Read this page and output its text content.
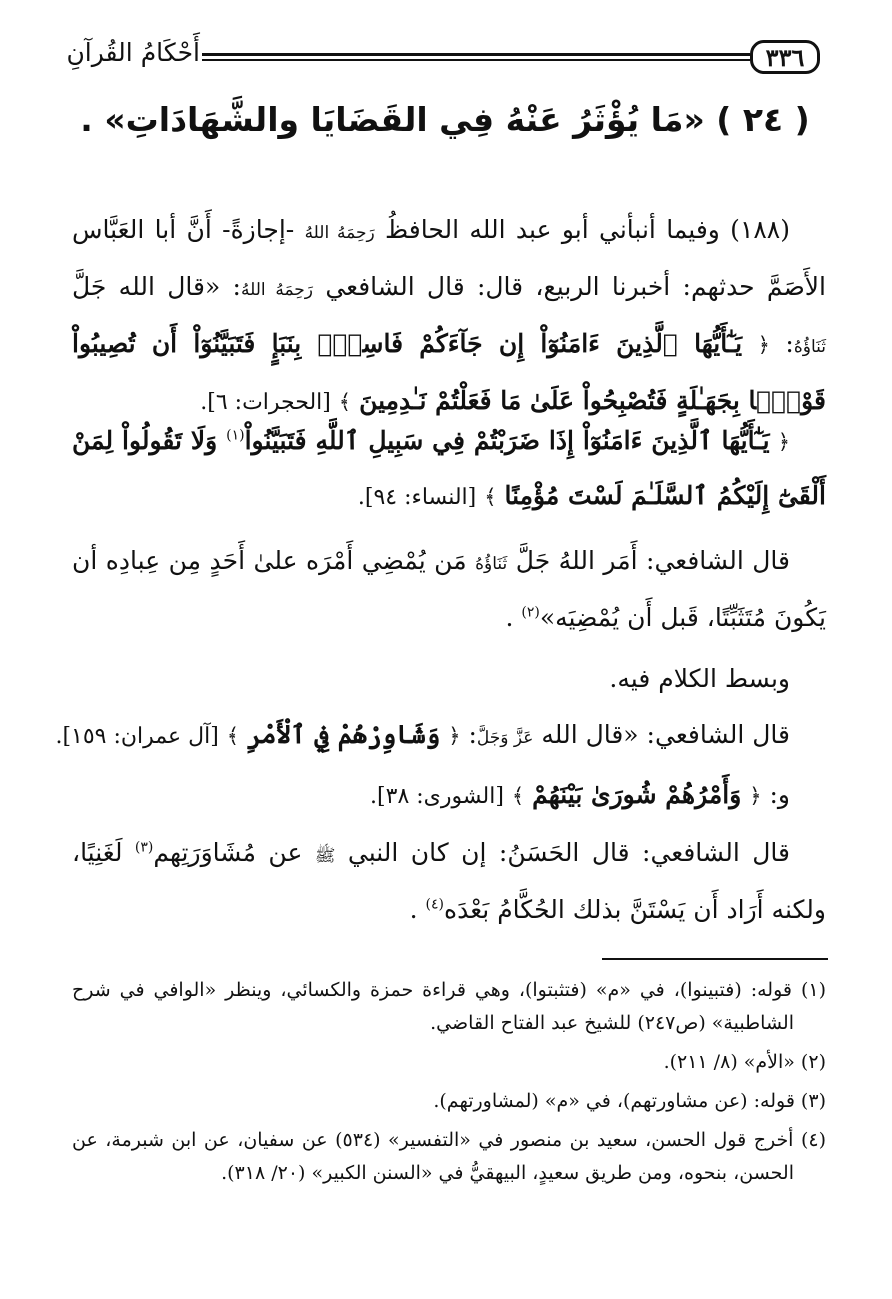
٣٣٦
أَحْكَامُ القُرآنِ
( ٢٤ ) «مَا يُؤْثَرُ عَنْهُ فِي القَضَايَا والشَّهَادَاتِ» .

(١٨٨) وفيما أنبأني أبو عبد الله الحافظُ رَحِمَهُ اللهُ -إجازةً- أَنَّ أبا العَبَّاس الأَصَمَّ حدثهم: أخبرنا الربيع، قال: قال الشافعي رَحِمَهُ اللهُ: «قال الله جَلَّ ثَنَاؤُهُ: ﴿ يَـٰٓأَيُّهَا ٱلَّذِينَ ءَامَنُوٓاْ إِن جَآءَكُمْ فَاسِقُۢ بِنَبَإٍ فَتَبَيَّنُوٓاْ أَن تُصِيبُواْ قَوْمَۢا بِجَهَـٰلَةٍ فَتُصْبِحُواْ عَلَىٰ مَا فَعَلْتُمْ نَـٰدِمِينَ ﴾ [الحجرات: ٦].

﴿ يَـٰٓأَيُّهَا ٱلَّذِينَ ءَامَنُوٓاْ إِذَا ضَرَبْتُمْ فِي سَبِيلِ ٱللَّهِ فَتَبَيَّنُواْ$^{(١)}$ وَلَا تَقُولُواْ لِمَنْ أَلْقَىٰٓ إِلَيْكُمُ ٱلسَّلَـٰمَ لَسْتَ مُؤْمِنًا ﴾ [النساء: ٩٤].

قال الشافعي: أَمَر اللهُ جَلَّ ثَنَاؤُهُ مَن يُمْضِي أَمْرَه علىٰ أَحَدٍ مِن عِبادِه أن يَكُونَ مُتَثَبِّتًا، قَبل أَن يُمْضِيَه»$^{(٢)}$ .

وبسط الكلام فيه.

قال الشافعي: «قال الله عَزَّ وَجَلَّ: ﴿ وَشَاوِرْهُمْ فِي ٱلْأَمْرِ ﴾ [آل عمران: ١٥٩].

و: ﴿ وَأَمْرُهُمْ شُورَىٰ بَيْنَهُمْ ﴾ [الشورى: ٣٨].

قال الشافعي: قال الحَسَنُ: إن كان النبي ﷺ عن مُشَاوَرَتِهم$^{(٣)}$ لَغَنِيًا، ولكنه أَرَاد أَن يَسْتَنَّ بذلك الحُكَّامُ بَعْدَه$^{(٤)}$ .

(١) قوله: (فتبينوا)، في «م» (فتثبتوا)، وهي قراءة حمزة والكسائي، وينظر «الوافي في شرح الشاطبية» (ص٢٤٧) للشيخ عبد الفتاح القاضي.

(٢) «الأم» (٨/ ٢١١).

(٣) قوله: (عن مشاورتهم)، في «م» (لمشاورتهم).

(٤) أخرج قول الحسن، سعيد بن منصور في «التفسير» (٥٣٤) عن سفيان، عن ابن شبرمة، عن الحسن، بنحوه، ومن طريق سعيدٍ، البيهقيُّ في «السنن الكبير» (٢٠/ ٣١٨).
